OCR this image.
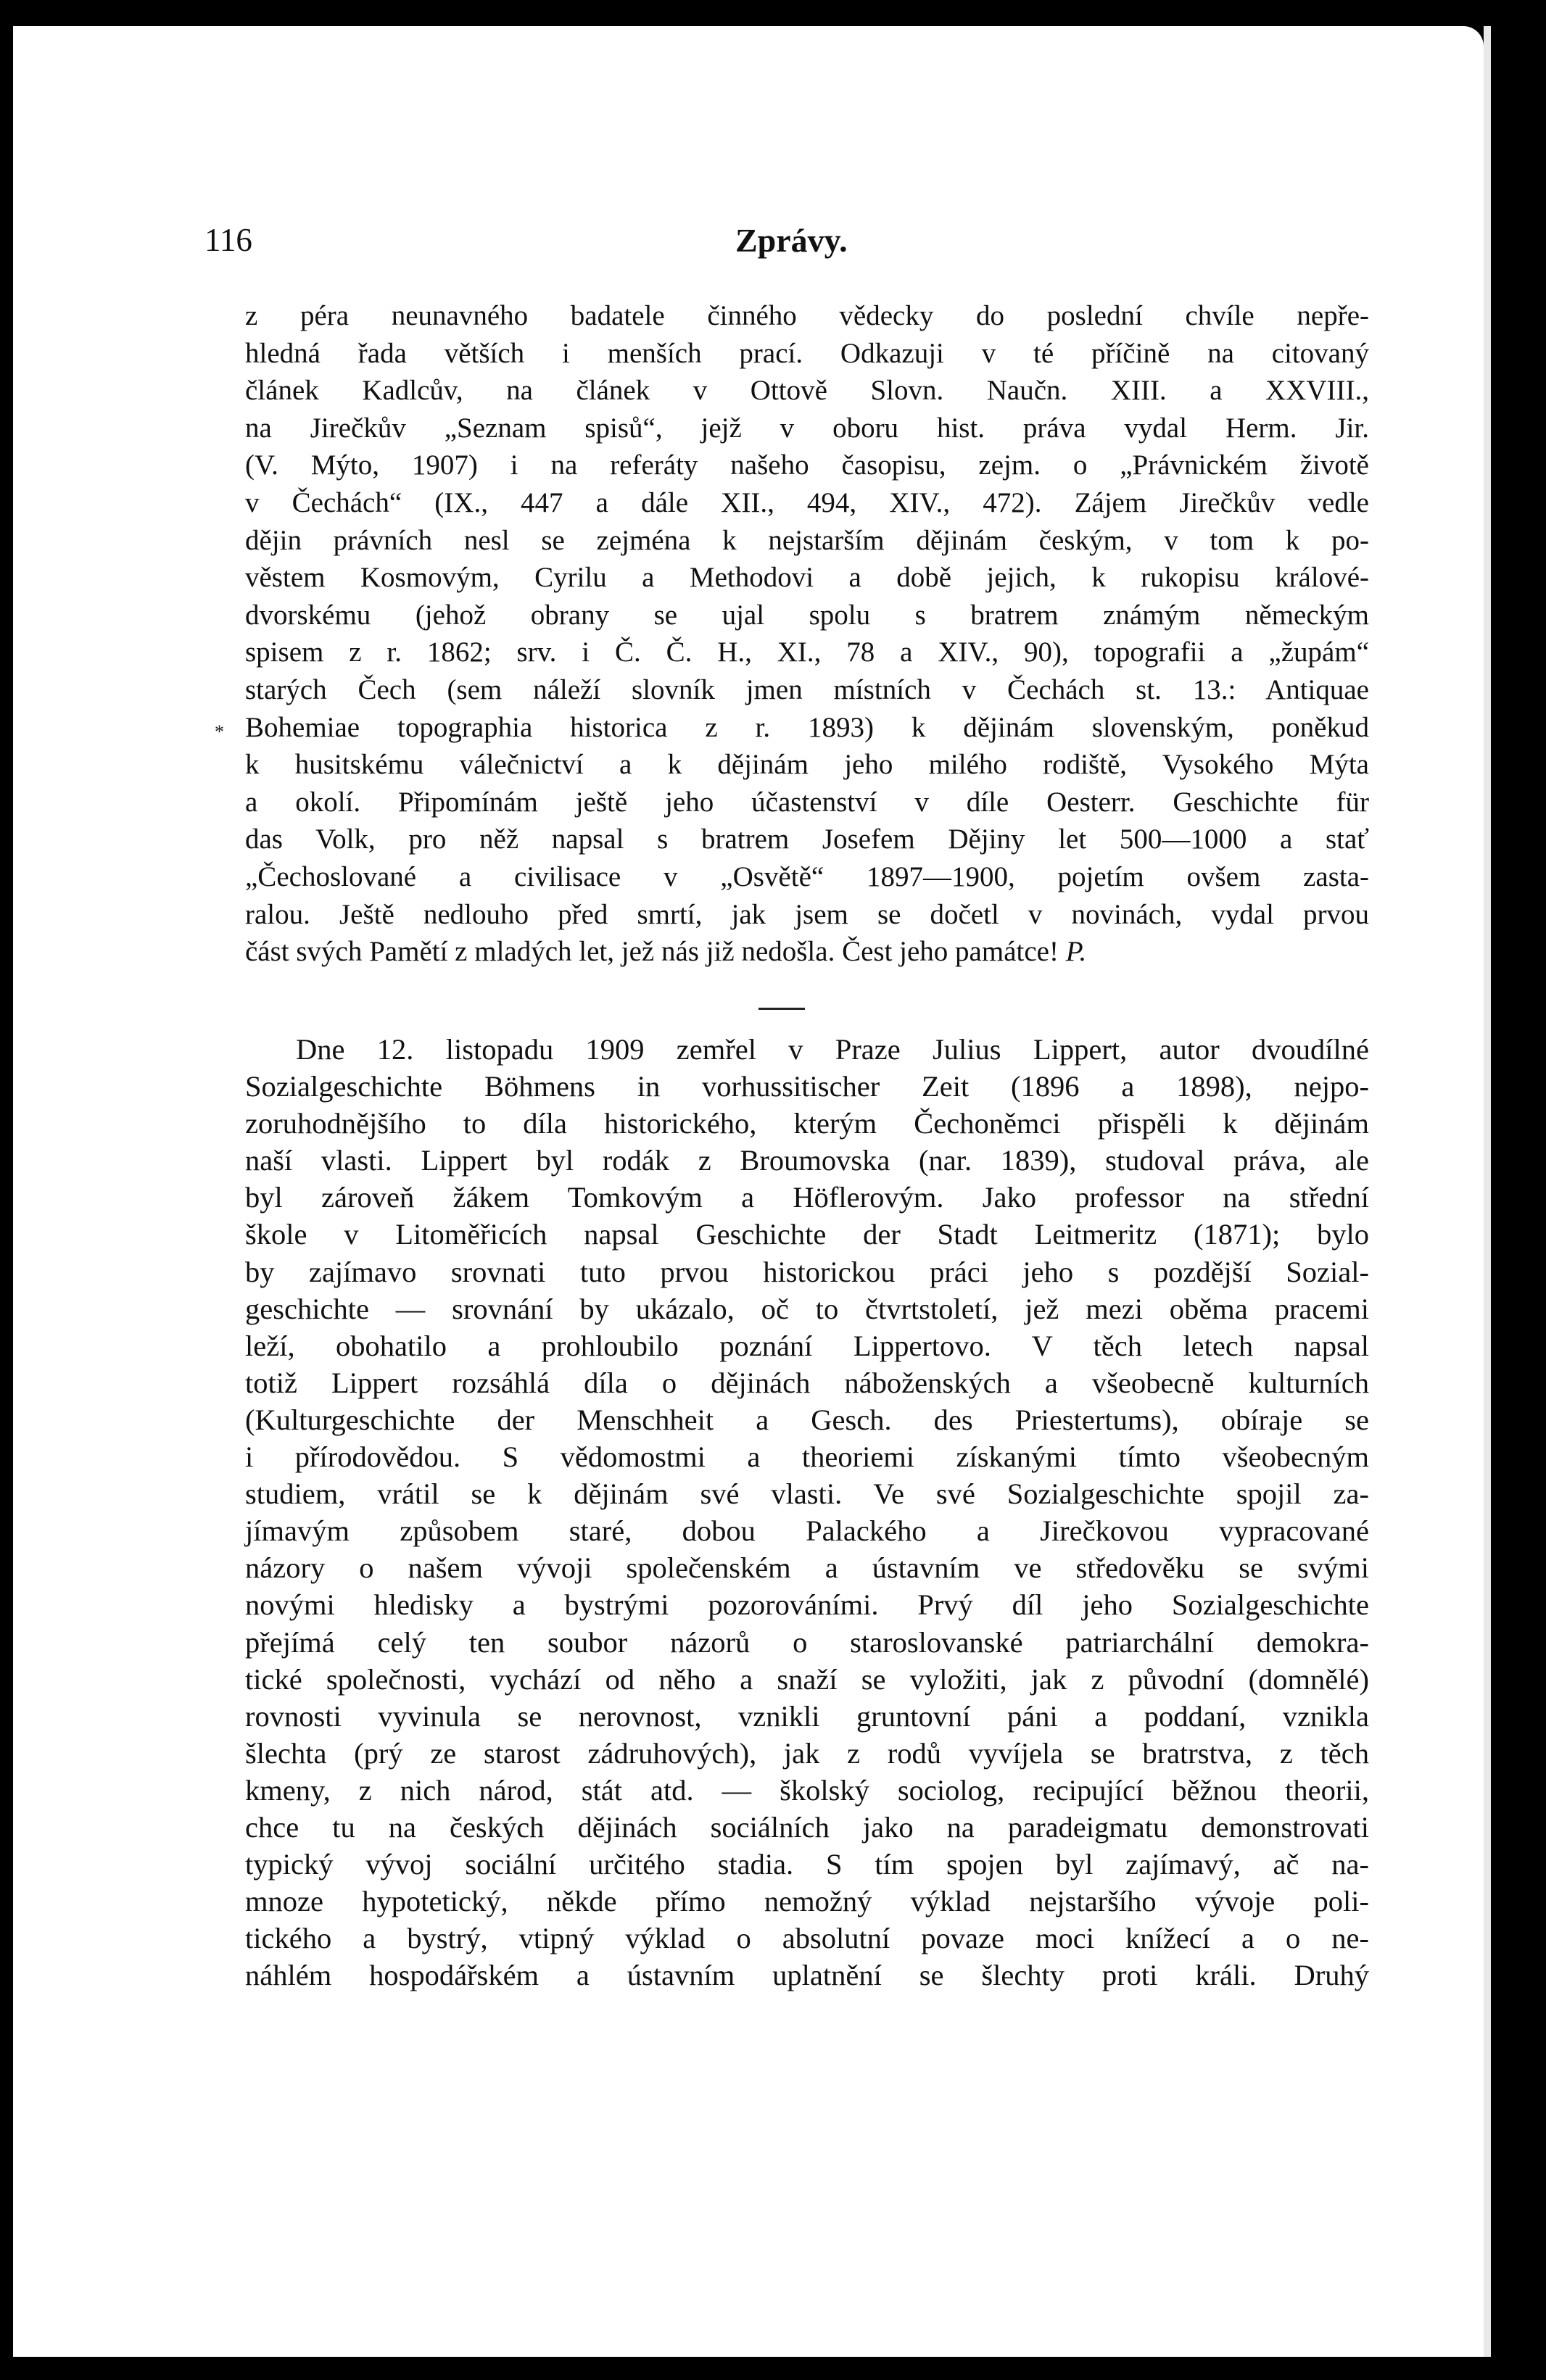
116	Zprávy.
*
z péra neunavného badatele činného vědecky do poslední chvíle nepře-
hledná řada větších i menších prací. Odkazuji v té příčině na citovaný
článek Kadlcův, na článek v Ottově Slovn. Naučn. XIII. a XXVIII.,
na Jirečkův „Seznam spisů“, jejž v oboru hist. práva vydal Herm. Jir.
(V. Mýto, 1907) i na referáty našeho časopisu, zejm. o „Právnickém životě
v Čechách“ (IX., 447 a dále XII., 494, XIV., 472). Zájem Jirečkův vedle
dějin právních nesl se zejména k nejstarším dějinám českým, v tom k po-
věstem Kosmovým, Cyrilu a Methodovi a době jejich, k rukopisu králové-
dvorskému (jehož obrany se ujal spolu s bratrem známým německým
spisem z r. 1862; srv. i Č. Č. H., XI., 78 a XIV., 90), topografii a „župám“
starých Čech (sem náleží slovník jmen místních v Čechách st. 13.: Antiquae
Bohemiae topographia historica z r. 1893) k dějinám slovenským, poněkud
k husitskému válečnictví a k dějinám jeho milého rodiště, Vysokého Mýta
a okolí. Připomínám ještě jeho účastenství v díle Oesterr. Geschichte für
das Volk, pro něž napsal s bratrem Josefem Dějiny let 500—1000 a stať
„Čechoslované a civilisace v „Osvětě“ 1897—1900, pojetím ovšem zasta-
ralou. Ještě nedlouho před smrtí, jak jsem se dočetl v novinách, vydal prvou
část svých Pamětí z mladých let, jež nás již nedošla. Čest jeho památce! P.
Dne 12. listopadu 1909 zemřel v Praze Julius Lippert, autor dvoudílné
Sozialgeschichte Böhmens in vorhussitischer Zeit (1896 a 1898), nejpo-
zoruhodnějšího to díla historického, kterým Čechoněmci přispěli k dějinám
naší vlasti. Lippert byl rodák z Broumovska (nar. 1839), studoval práva, ale
byl zároveň žákem Tomkovým a Höflerovým. Jako professor na střední
škole v Litoměřicích napsal Geschichte der Stadt Leitmeritz (1871); bylo
by zajímavo srovnati tuto prvou historickou práci jeho s pozdější Sozial-
geschichte — srovnání by ukázalo, oč to čtvrtstoletí, jež mezi oběma pracemi
leží, obohatilo a prohloubilo poznání Lippertovo. V těch letech napsal
totiž Lippert rozsáhlá díla o dějinách náboženských a všeobecně kulturních
(Kulturgeschichte der Menschheit a Gesch. des Priestertums), obíraje se
i přírodovědou. S vědomostmi a theoriemi získanými tímto všeobecným
studiem, vrátil se k dějinám své vlasti. Ve své Sozialgeschichte spojil za-
jímavým způsobem staré, dobou Palackého a Jirečkovou vypracované
názory o našem vývoji společenském a ústavním ve středověku se svými
novými hledisky a bystrými pozorováními. Prvý díl jeho Sozialgeschichte
přejímá celý ten soubor názorů o staroslovanské patriarchální demokra-
tické společnosti, vychází od něho a snaží se vyložiti, jak z původní (domnělé)
rovnosti vyvinula se nerovnost, vznikli gruntovní páni a poddaní, vznikla
šlechta (prý ze starost zádruhových), jak z rodů vyvíjela se bratrstva, z těch
kmeny, z nich národ, stát atd. — školský sociolog, recipující běžnou theorii,
chce tu na českých dějinách sociálních jako na paradeigmatu demonstrovati
typický vývoj sociální určitého stadia. S tím spojen byl zajímavý, ač na-
mnoze hypotetický, někde přímo nemožný výklad nejstaršího vývoje poli-
tického a bystrý, vtipný výklad o absolutní povaze moci knížecí a o ne-
náhlém hospodářském a ústavním uplatnění se šlechty proti králi. Druhý
